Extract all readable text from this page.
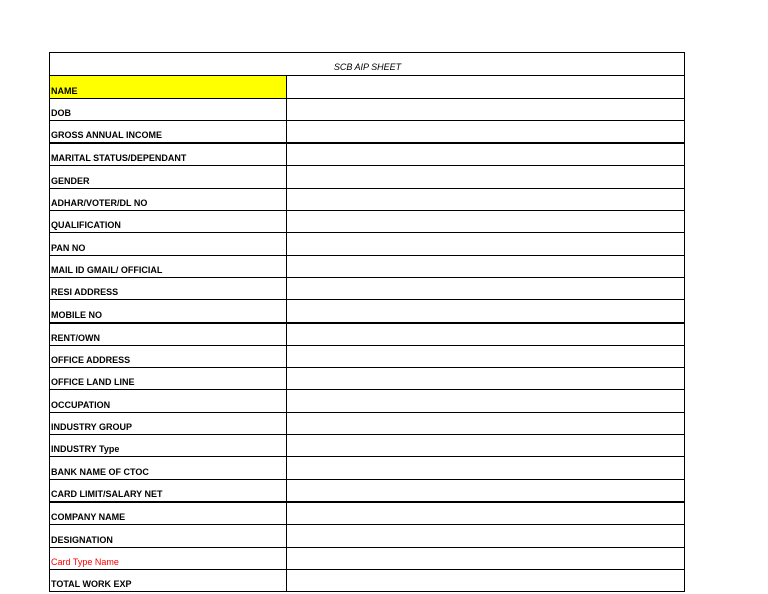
SCB AIP SHEET	
NAME	
DOB	
GROSS ANNUAL INCOME	
MARITAL STATUS/DEPENDANT	
GENDER	
ADHAR/VOTER/DL NO	
QUALIFICATION	
PAN NO	
MAIL ID GMAIL/ OFFICIAL	
RESI ADDRESS	
MOBILE NO	
RENT/OWN	
OFFICE ADDRESS	
OFFICE LAND LINE	
OCCUPATION	
INDUSTRY GROUP	
INDUSTRY Type	
BANK NAME OF CTOC	
CARD LIMIT/SALARY NET	
COMPANY NAME	
DESIGNATION	
Card Type Name	
TOTAL WORK EXP	
